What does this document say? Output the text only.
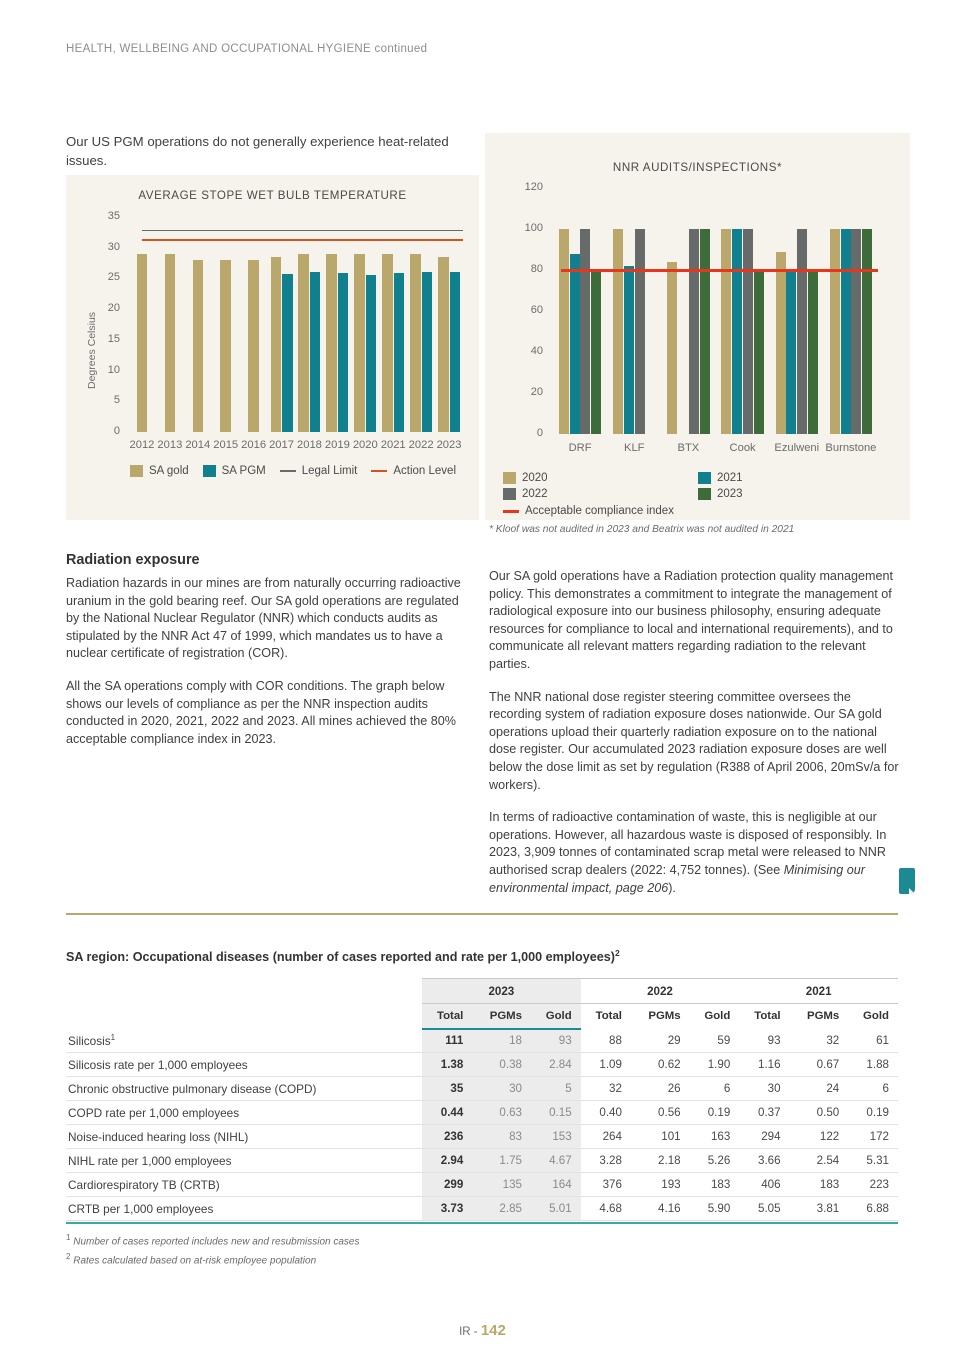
HEALTH, WELLBEING AND OCCUPATIONAL HYGIENE continued
Our US PGM operations do not generally experience heat-related issues.
AVERAGE STOPE WET BULB TEMPERATURE
Degrees Celsius
SA gold	SA PGM	Legal Limit	Action Level
0
5
10
15
20
25
30
35
2012 2013 2014 2015 2016 2017 2018 2019 2020 2021 2022 2023
NNR AUDITS/INSPECTIONS*
2020	2021
2022	2023
Acceptable compliance index
0
20
40
60
80
100
120
DRF	KLF	BTX	Cook	Ezulweni Burnstone
* Kloof was not audited in 2023 and Beatrix was not audited in 2021
Radiation exposure

Radiation hazards in our mines are from naturally occurring radioactive uranium in the gold bearing reef. Our SA gold operations are regulated by the National Nuclear Regulator (NNR) which conducts audits as stipulated by the NNR Act 47 of 1999, which mandates us to have a nuclear certificate of registration (COR).

All the SA operations comply with COR conditions. The graph below shows our levels of compliance as per the NNR inspection audits conducted in 2020, 2021, 2022 and 2023. All mines achieved the 80% acceptable compliance index in 2023.

Our SA gold operations have a Radiation protection quality management policy. This demonstrates a commitment to integrate the management of radiological exposure into our business philosophy, ensuring adequate resources for compliance to local and international requirements), and to communicate all relevant matters regarding radiation to the relevant parties.

The NNR national dose register steering committee oversees the recording system of radiation exposure doses nationwide. Our SA gold operations upload their quarterly radiation exposure on to the national dose register. Our accumulated 2023 radiation exposure doses are well below the dose limit as set by regulation (R388 of April 2006, 20mSv/a for workers).

In terms of radioactive contamination of waste, this is negligible at our operations. However, all hazardous waste is disposed of responsibly. In 2023, 3,909 tonnes of contaminated scrap metal were released to NNR authorised scrap dealers (2022: 4,752 tonnes). (See Minimising our environmental impact, page 206).

SA region: Occupational diseases (number of cases reported and rate per 1,000 employees)$^2$
	2023			2022			2021		
	Total	PGMs	Gold	Total	PGMs	Gold	Total	PGMs	Gold
Silicosis$^1$	111	18	93	88	29	59	93	32	61
Silicosis rate per 1,000 employees	1.38	0.38	2.84	1.09	0.62	1.90	1.16	0.67	1.88
Chronic obstructive pulmonary disease (COPD)	35	30	5	32	26	6	30	24	6
COPD rate per 1,000 employees	0.44	0.63	0.15	0.40	0.56	0.19	0.37	0.50	0.19
Noise-induced hearing loss (NIHL)	236	83	153	264	101	163	294	122	172
NIHL rate per 1,000 employees	2.94	1.75	4.67	3.28	2.18	5.26	3.66	2.54	5.31
Cardiorespiratory TB (CRTB)	299	135	164	376	193	183	406	183	223
CRTB per 1,000 employees	3.73	2.85	5.01	4.68	4.16	5.90	5.05	3.81	6.88
$^1$ Number of cases reported includes new and resubmission cases
$^2$ Rates calculated based on at-risk employee population
IR - 142
